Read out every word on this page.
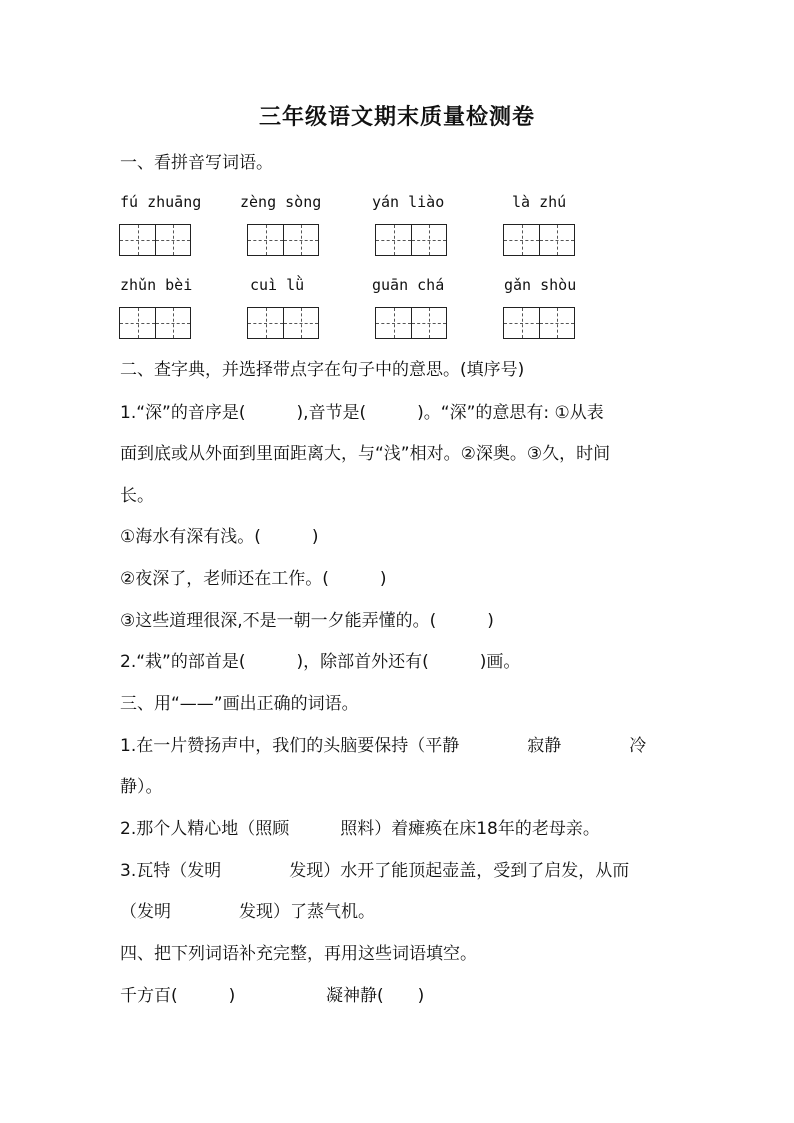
三年级语文期末质量检测卷
一、看拼音写词语。
fú zhuāng	zèng sòng	yán liào	là zhú
zhǔn bèi	cuì lǜ	guān chá	gǎn shòu
二、查字典，并选择带点字在句子中的意思。(填序号)
1.“深”的音序是(　　　),音节是(　　　)。“深”的意思有: ①从表
面到底或从外面到里面距离大，与“浅”相对。②深奥。③久，时间
长。
①海水有深有浅。(　　　)
②夜深了，老师还在工作。(　　　)
③这些道理很深,不是一朝一夕能弄懂的。(　　　)
2.“栽”的部首是(　　　)，除部首外还有(　　　)画。
三、用“——”画出正确的词语。
1.在一片赞扬声中，我们的头脑要保持（平静　　　　寂静　　　　冷
静）。
2.那个人精心地（照顾　　　照料）着瘫痪在床18年的老母亲。
3.瓦特（发明　　　　发现）水开了能顶起壶盖，受到了启发，从而
（发明　　　　发现）了蒸气机。
四、把下列词语补充完整，再用这些词语填空。
千方百(　　　)	凝神静(　　)
